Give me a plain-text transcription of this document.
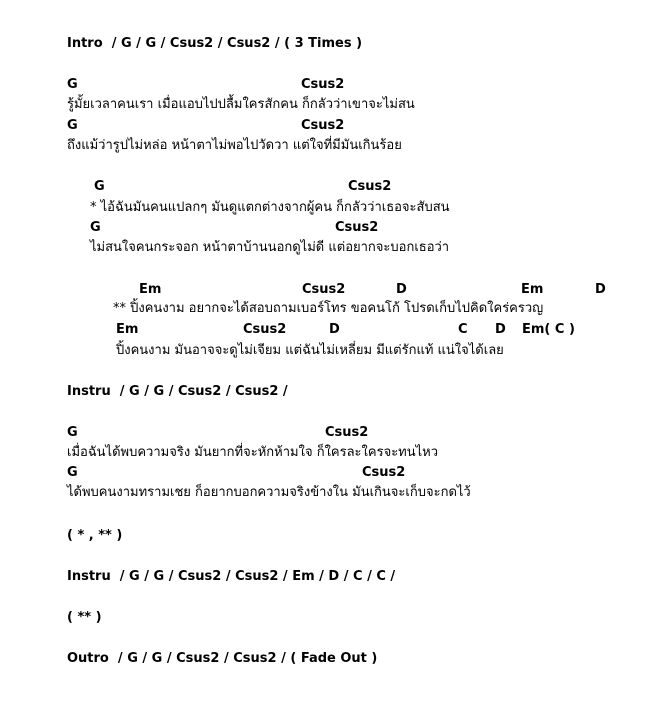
Intro  / G / G / Csus2 / Csus2 / ( 3 Times )
G	Csus2
รู้มั้ยเวลาคนเรา เมื่อแอบไปปลื้มใครสักคน ก็กลัวว่าเขาจะไม่สน
G	Csus2
ถึงแม้ว่ารูปไม่หล่อ หน้าตาไม่พอไปวัดวา แต่ใจที่มีมันเกินร้อย
G	Csus2
* ไอ้ฉันมันคนแปลกๆ มันดูแตกต่างจากผู้คน ก็กลัวว่าเธอจะสับสน
G	Csus2
ไม่สนใจคนกระจอก หน้าตาบ้านนอกดูไม่ดี แต่อยากจะบอกเธอว่า
Em	Csus2	D	Em	D
** ปิ้งคนงาม อยากจะได้สอบถามเบอร์โทร ขอคนโก้ โปรดเก็บไปคิดใคร่ครวญ
Em	Csus2	D	C D Em( C )
ปิ้งคนงาม มันอาจจะดูไม่เจียม แต่ฉันไม่เหลี่ยม มีแต่รักแท้ แน่ใจได้เลย
Instru  / G / G / Csus2 / Csus2 /
G	Csus2
เมื่อฉันได้พบความจริง มันยากที่จะหักห้ามใจ ก็ใครละใครจะทนไหว
G	Csus2
ได้พบคนงามทรามเชย ก็อยากบอกความจริงข้างใน มันเกินจะเก็บจะกดไว้
( * , ** )
Instru  / G / G / Csus2 / Csus2 / Em / D / C / C /
( ** )
Outro  / G / G / Csus2 / Csus2 / ( Fade Out )
